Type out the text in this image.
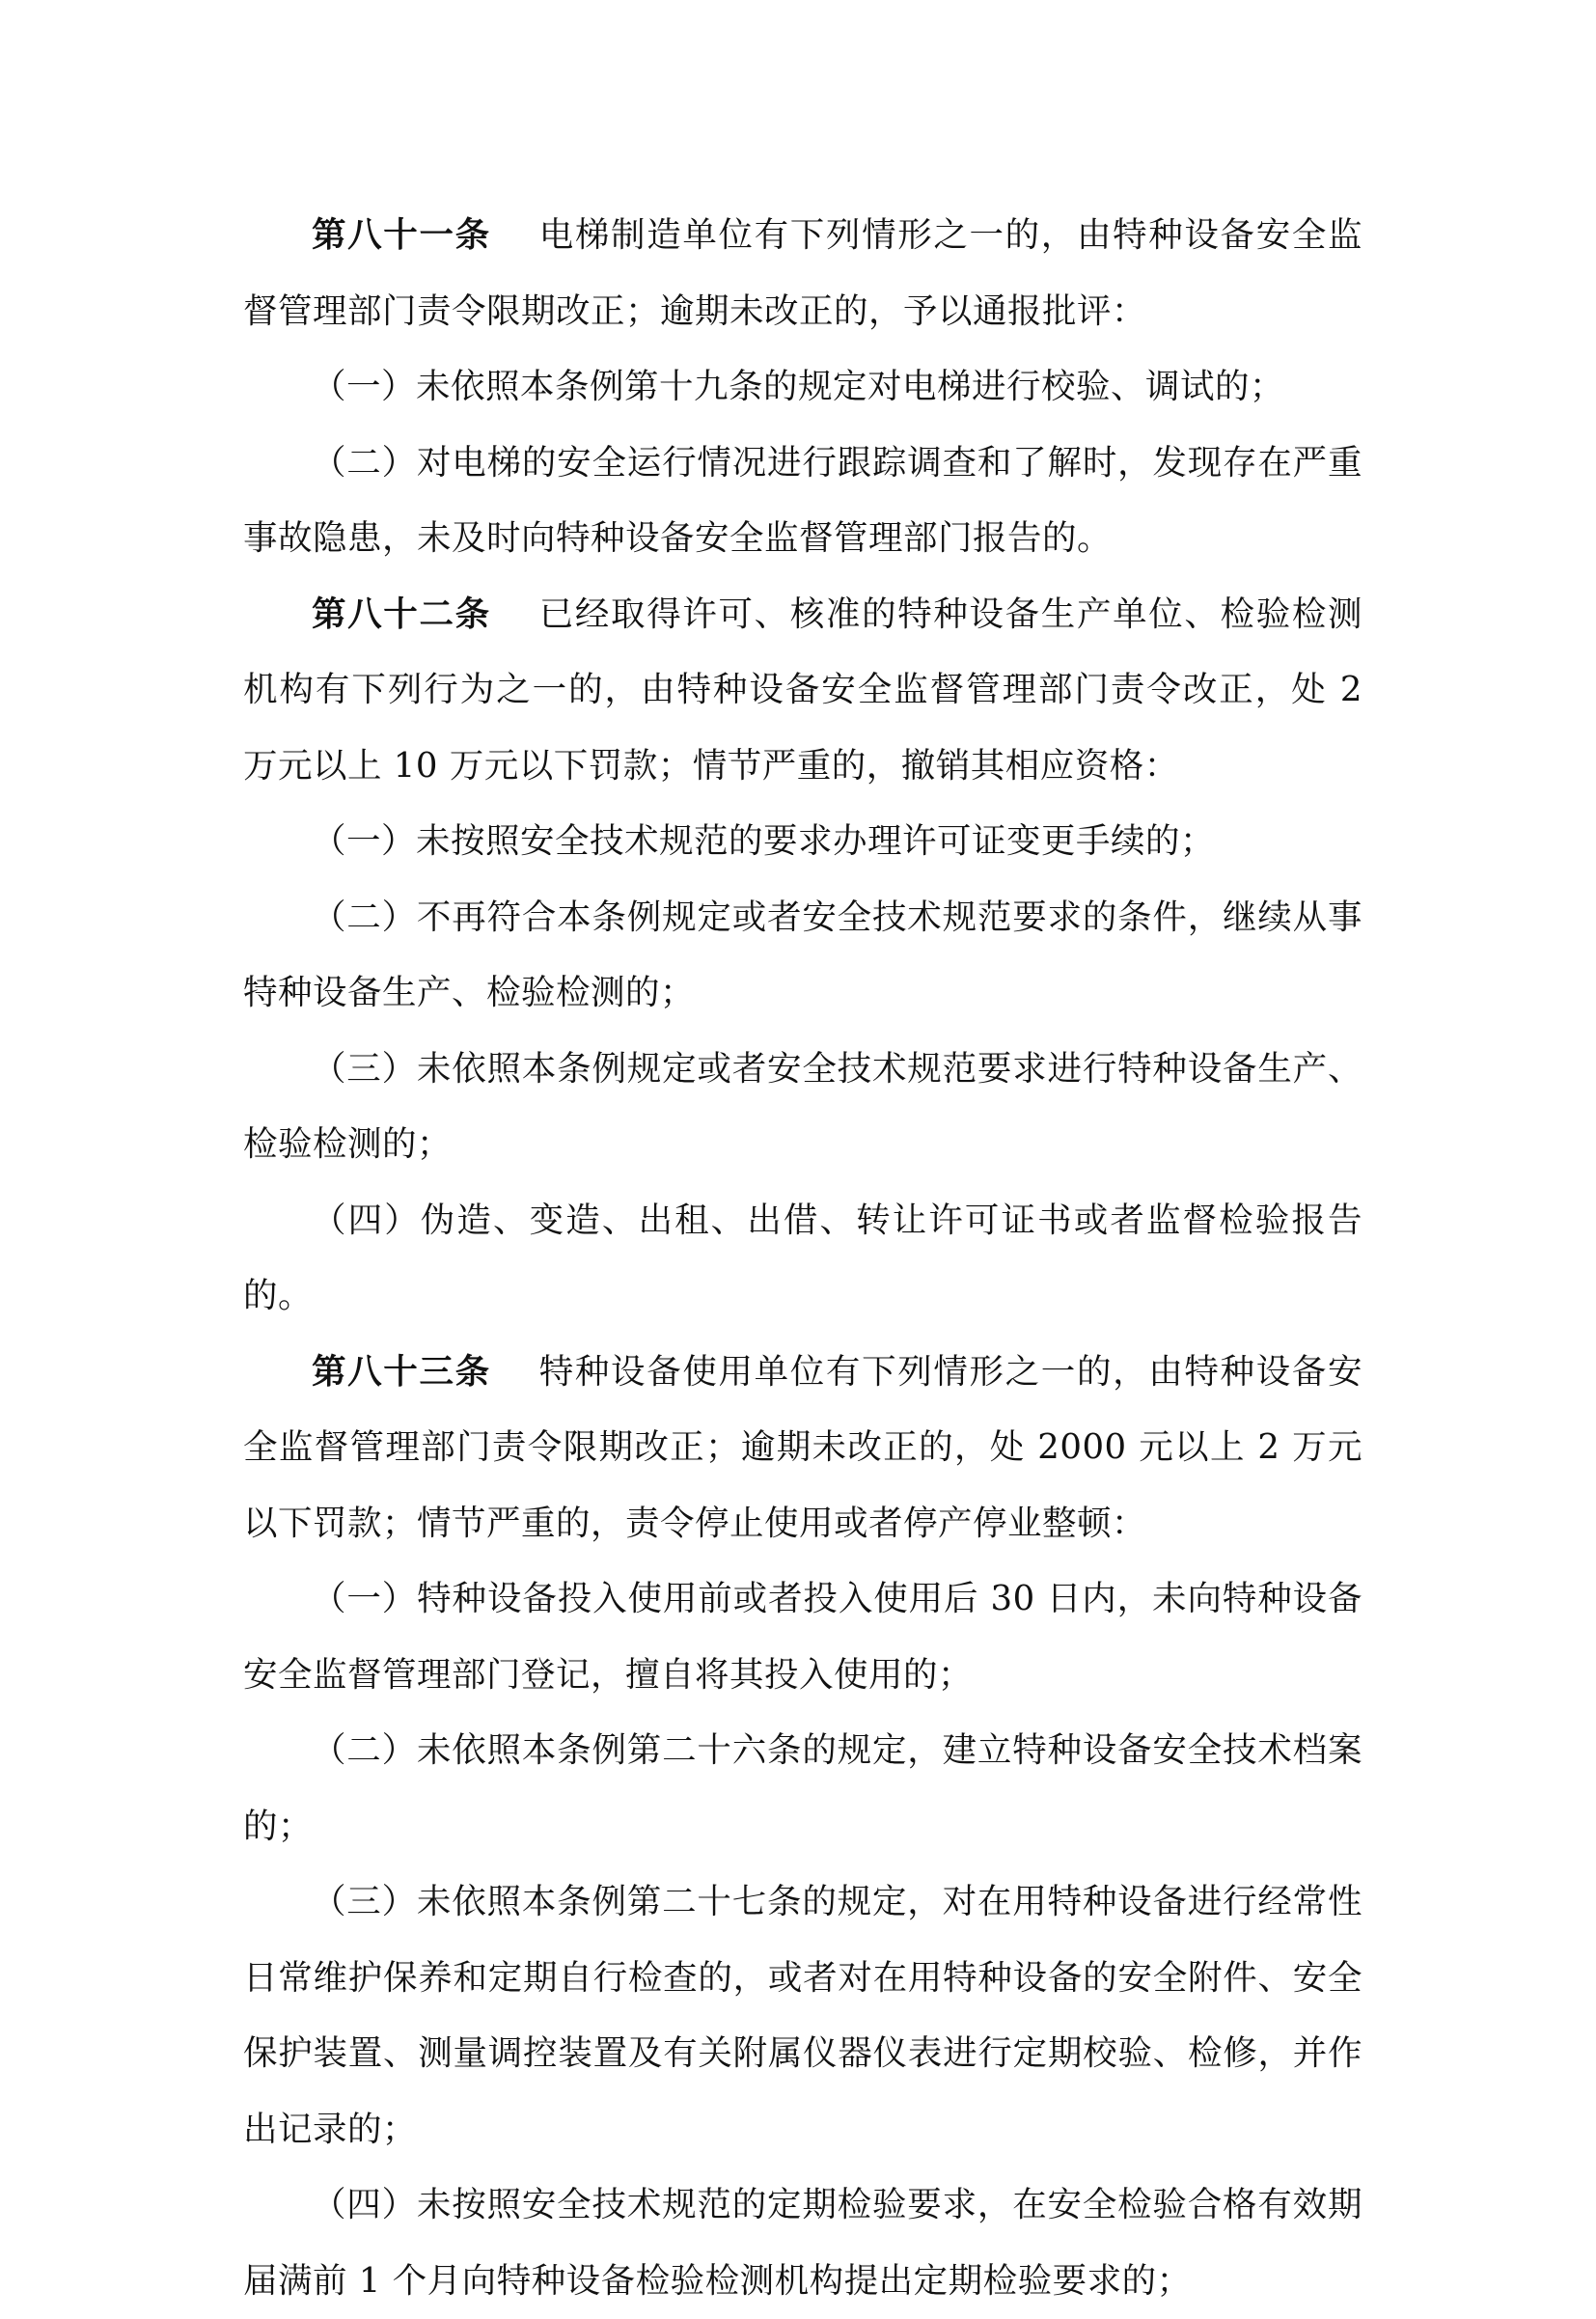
第八十一条 电梯制造单位有下列情形之一的，由特种设备安全监督管理部门责令限期改正；逾期未改正的，予以通报批评：

（一）未依照本条例第十九条的规定对电梯进行校验、调试的；

（二）对电梯的安全运行情况进行跟踪调查和了解时，发现存在严重事故隐患，未及时向特种设备安全监督管理部门报告的。

第八十二条 已经取得许可、核准的特种设备生产单位、检验检测机构有下列行为之一的，由特种设备安全监督管理部门责令改正，处 2 万元以上 10 万元以下罚款；情节严重的，撤销其相应资格：

（一）未按照安全技术规范的要求办理许可证变更手续的；

（二）不再符合本条例规定或者安全技术规范要求的条件，继续从事特种设备生产、检验检测的；

（三）未依照本条例规定或者安全技术规范要求进行特种设备生产、检验检测的；

（四）伪造、变造、出租、出借、转让许可证书或者监督检验报告的。

第八十三条 特种设备使用单位有下列情形之一的，由特种设备安全监督管理部门责令限期改正；逾期未改正的，处 2000 元以上 2 万元以下罚款；情节严重的，责令停止使用或者停产停业整顿：

（一）特种设备投入使用前或者投入使用后 30 日内，未向特种设备安全监督管理部门登记，擅自将其投入使用的；

（二）未依照本条例第二十六条的规定，建立特种设备安全技术档案的；

（三）未依照本条例第二十七条的规定，对在用特种设备进行经常性日常维护保养和定期自行检查的，或者对在用特种设备的安全附件、安全保护装置、测量调控装置及有关附属仪器仪表进行定期校验、检修，并作出记录的；

（四）未按照安全技术规范的定期检验要求，在安全检验合格有效期届满前 1 个月向特种设备检验检测机构提出定期检验要求的；
